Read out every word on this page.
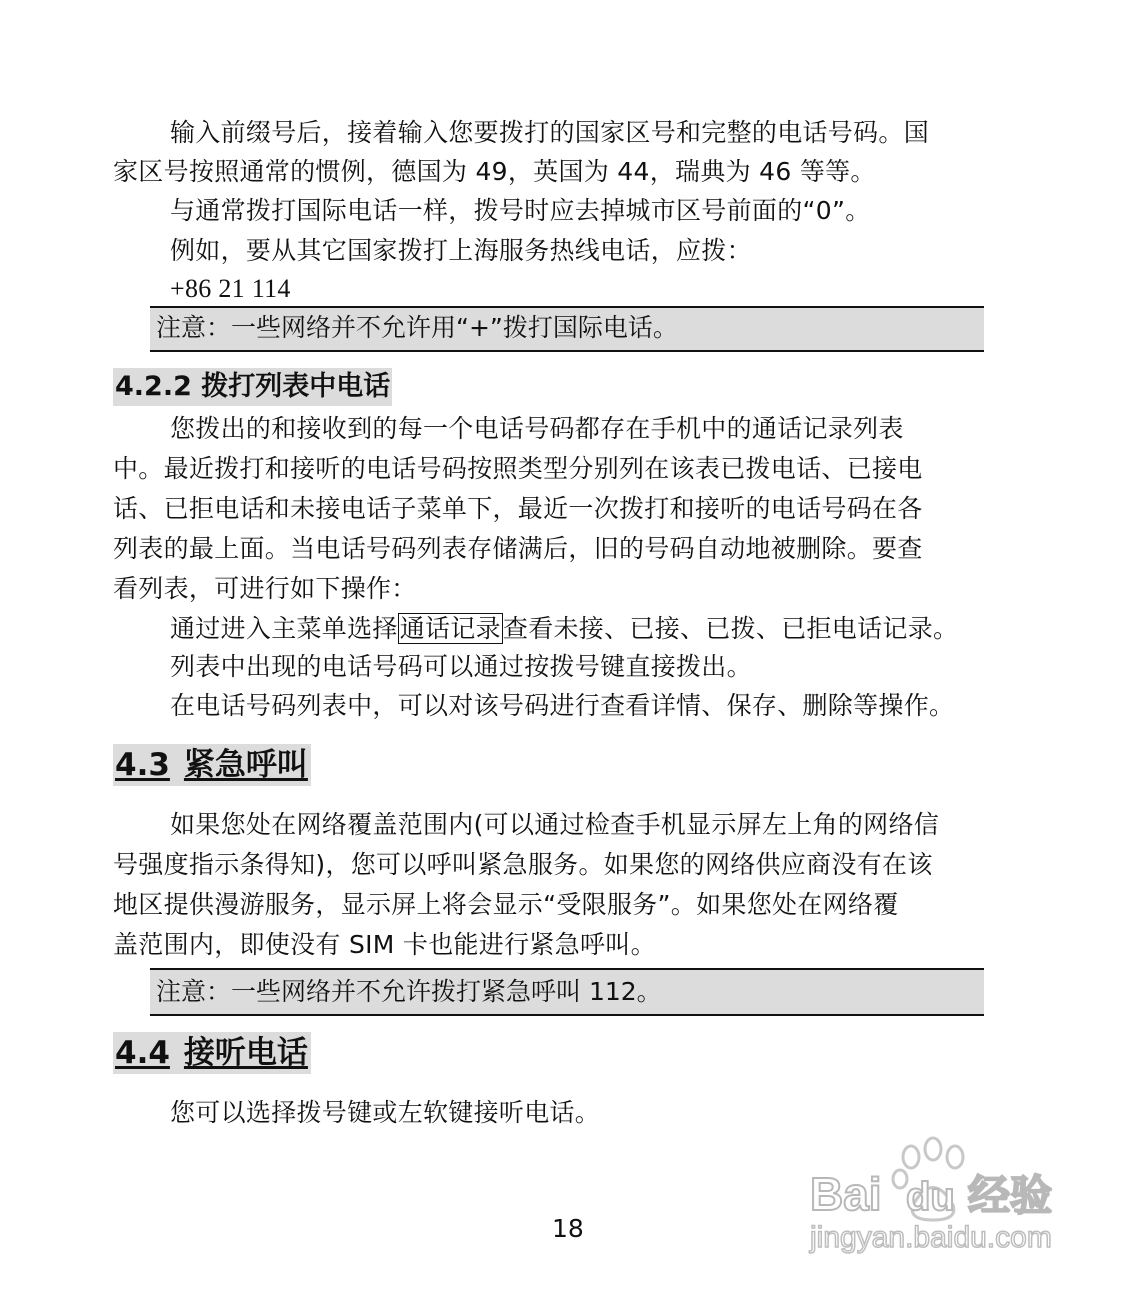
输入前缀号后，接着输入您要拨打的国家区号和完整的电话号码。国
家区号按照通常的惯例，德国为 49，英国为 44，瑞典为 46 等等。
与通常拨打国际电话一样，拨号时应去掉城市区号前面的“0”。
例如，要从其它国家拨打上海服务热线电话，应拨：
+86 21 114
注意：一些网络并不允许用“+”拨打国际电话。
4.2.2 拨打列表中电话
您拨出的和接收到的每一个电话号码都存在手机中的通话记录列表
中。最近拨打和接听的电话号码按照类型分别列在该表已拨电话、已接电
话、已拒电话和未接电话子菜单下，最近一次拨打和接听的电话号码在各
列表的最上面。当电话号码列表存储满后，旧的号码自动地被删除。要查
看列表，可进行如下操作：
通过进入主菜单选择通话记录查看未接、已接、已拨、已拒电话记录。
列表中出现的电话号码可以通过按拨号键直接拨出。
在电话号码列表中，可以对该号码进行查看详情、保存、删除等操作。
4.3 紧急呼叫
如果您处在网络覆盖范围内(可以通过检查手机显示屏左上角的网络信
号强度指示条得知)，您可以呼叫紧急服务。如果您的网络供应商没有在该
地区提供漫游服务，显示屏上将会显示“受限服务”。如果您处在网络覆
盖范围内，即使没有 SIM 卡也能进行紧急呼叫。
注意：一些网络并不允许拨打紧急呼叫 112。
4.4 接听电话
您可以选择拨号键或左软键接听电话。
18
Bai du 经验
jingyan.baidu.com
